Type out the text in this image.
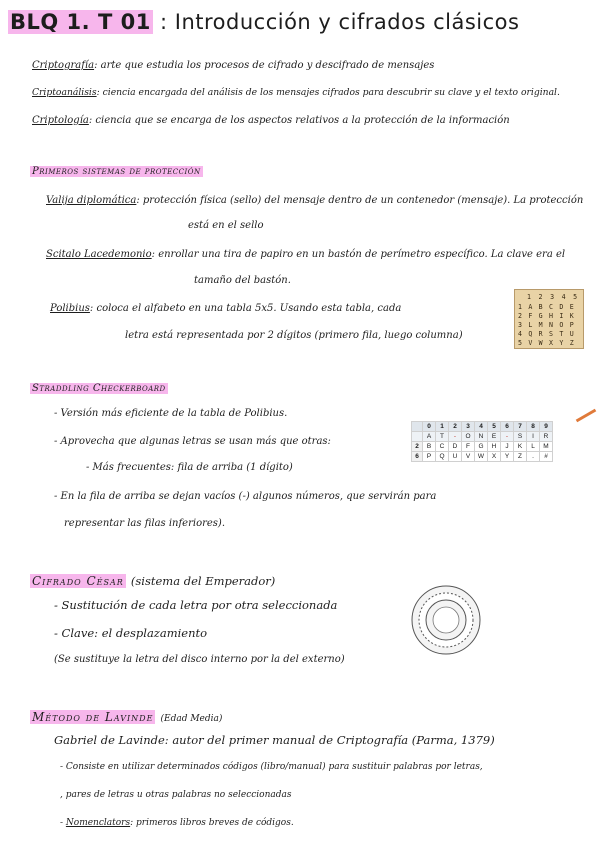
BLQ 1. T 01 : Introducción y cifrados clásicos
Criptografía: arte que estudia los procesos de cifrado y descifrado de mensajes
Criptoanálisis: ciencia encargada del análisis de los mensajes cifrados para descubrir su clave y el texto original.
Criptología: ciencia que se encarga de los aspectos relativos a la protección de la información
Primeros sistemas de protección
Valija diplomática: protección física (sello) del mensaje dentro de un contenedor (mensaje). La protección
está en el sello
Scitalo Lacedemonio: enrollar una tira de papiro en un bastón de perímetro específico. La clave era el
tamaño del bastón.
Polibius: coloca el alfabeto en una tabla 5x5. Usando esta tabla, cada
letra está representada por 2 dígitos (primero fila, luego columna)
1 2 3 4 5
1 A B C D E
2 F G H I K
3 L M N O P
4 Q R S T U
5 V W X Y Z
Straddling Checkerboard
- Versión más eficiente de la tabla de Polibius.
- Aprovecha que algunas letras se usan más que otras:
- Más frecuentes: fila de arriba (1 dígito)
- En la fila de arriba se dejan vacíos (-) algunos números, que servirán para
representar las filas inferiores).
	0	1	2	3	4	5	6	7	8	9
	A	T	-	O	N	E	-	S	I	R
2	B	C	D	F	G	H	J	K	L	M
6	P	Q	U	V	W	X	Y	Z	.	#
Cifrado César (sistema del Emperador)
- Sustitución de cada letra por otra seleccionada
- Clave: el desplazamiento
(Se sustituye la letra del disco interno por la del externo)
Método de Lavinde (Edad Media)
Gabriel de Lavinde: autor del primer manual de Criptografía (Parma, 1379)
- Consiste en utilizar determinados códigos (libro/manual) para sustituir palabras por letras,
, pares de letras u otras palabras no seleccionadas
- Nomenclators: primeros libros breves de códigos.
